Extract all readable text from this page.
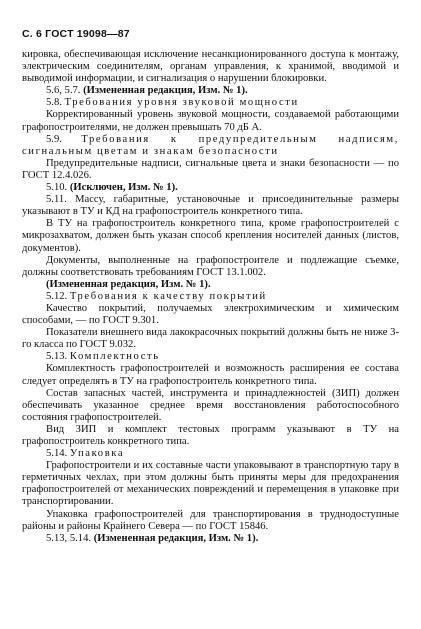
С. 6 ГОСТ 19098—87

кировка, обеспечивающая исключение несанкционированного доступа к монтажу, электрическим соединителям, органам управления, к хранимой, вводимой и выводимой информации, и сигнализация о нарушении блокировки.

5.6, 5.7. (Измененная редакция, Изм. № 1).

5.8. Требования уровня звуковой мощности

Корректированный уровень звуковой мощности, создаваемой работающими графопостроителями, не должен превышать 70 дБ А.

5.9. Требования к предупредительным надписям, сигнальным цветам и знакам безопасности

Предупредительные надписи, сигнальные цвета и знаки безопасности — по ГОСТ 12.4.026.

5.10. (Исключен, Изм. № 1).

5.11. Массу, габаритные, установочные и присоединительные размеры указывают в ТУ и КД на графопостроитель конкретного типа.

В ТУ на графопостроитель конкретного типа, кроме графопостроителей с микрозахватом, должен быть указан способ крепления носителей данных (листов, документов).

Документы, выполненные на графопостроителе и подлежащие съемке, должны соответствовать требованиям ГОСТ 13.1.002.

(Измененная редакция, Изм. № 1).

5.12. Требования к качеству покрытий

Качество покрытий, получаемых электрохимическим и химическим способами, — по ГОСТ 9.301.

Показатели внешнего вида лакокрасочных покрытий должны быть не ниже 3-го класса по ГОСТ 9.032.

5.13. Комплектность

Комплектность графопостроителей и возможность расширения ее состава следует определять в ТУ на графопостроитель конкретного типа.

Состав запасных частей, инструмента и принадлежностей (ЗИП) должен обеспечивать указанное среднее время восстановления работоспособного состояния графопостроителей.

Вид ЗИП и комплект тестовых программ указывают в ТУ на графопостроитель конкретного типа.

5.14. Упаковка

Графопостроители и их составные части упаковывают в транспортную тару в герметичных чехлах, при этом должны быть приняты меры для предохранения графопостроителей от механических повреждений и перемещения в упаковке при транспортировании.

Упаковка графопостроителей для транспортирования в труднодоступные районы и районы Крайнего Севера — по ГОСТ 15846.

5.13, 5.14. (Измененная редакция, Изм. № 1).
